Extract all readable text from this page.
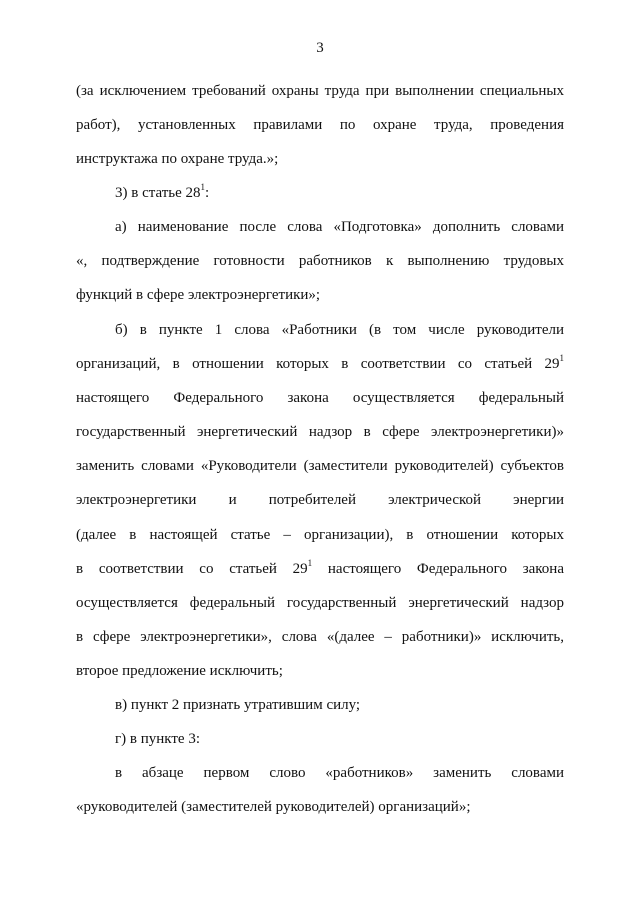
3
(за исключением требований охраны труда при выполнении специальных
работ), установленных правилами по охране труда, проведения
инструктажа по охране труда.»;
3) в статье $28^1$:
а) наименование после слова «Подготовка» дополнить словами
«, подтверждение готовности работников к выполнению трудовых
функций в сфере электроэнергетики»;
б) в пункте 1 слова «Работники (в том числе руководители
организаций, в отношении которых в соответствии со статьей $29^1$
настоящего Федерального закона осуществляется федеральный
государственный энергетический надзор в сфере электроэнергетики)»
заменить словами «Руководители (заместители руководителей) субъектов
электроэнергетики и потребителей электрической энергии
(далее в настоящей статье – организации), в отношении которых
в соответствии со статьей $29^1$ настоящего Федерального закона
осуществляется федеральный государственный энергетический надзор
в сфере электроэнергетики», слова «(далее – работники)» исключить,
второе предложение исключить;
в) пункт 2 признать утратившим силу;
г) в пункте 3:
в абзаце первом слово «работников» заменить словами
«руководителей (заместителей руководителей) организаций»;
